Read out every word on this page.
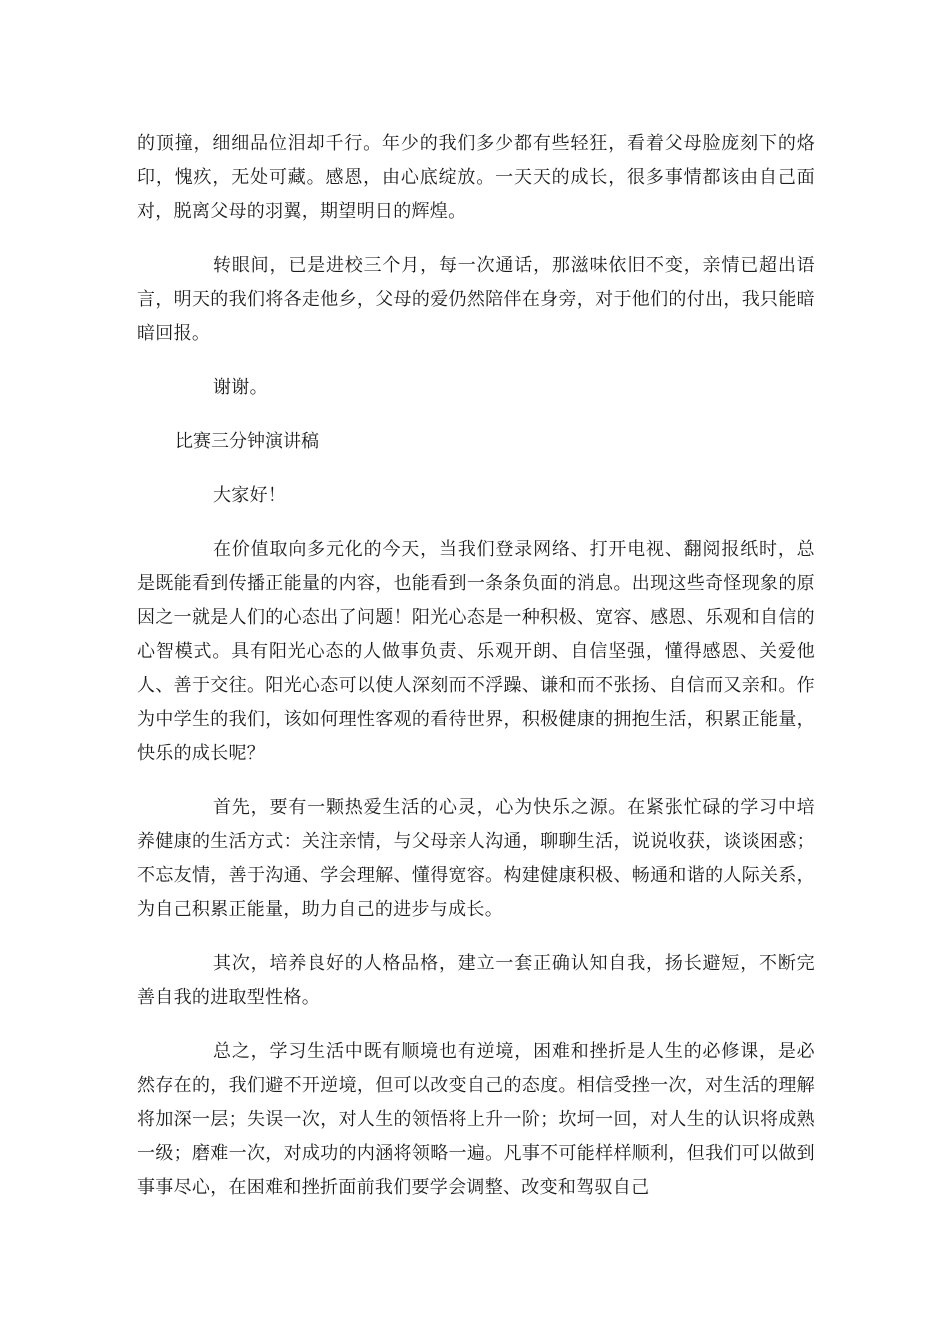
的顶撞，细细品位泪却千行。年少的我们多少都有些轻狂，看着父母脸庞刻下的烙印，愧疚，无处可藏。感恩，由心底绽放。一天天的成长，很多事情都该由自己面对，脱离父母的羽翼，期望明日的辉煌。

转眼间，已是进校三个月，每一次通话，那滋味依旧不变，亲情已超出语言，明天的我们将各走他乡，父母的爱仍然陪伴在身旁，对于他们的付出，我只能暗暗回报。

谢谢。

比赛三分钟演讲稿

大家好！

在价值取向多元化的今天，当我们登录网络、打开电视、翻阅报纸时，总是既能看到传播正能量的内容，也能看到一条条负面的消息。出现这些奇怪现象的原因之一就是人们的心态出了问题！阳光心态是一种积极、宽容、感恩、乐观和自信的心智模式。具有阳光心态的人做事负责、乐观开朗、自信坚强，懂得感恩、关爱他人、善于交往。阳光心态可以使人深刻而不浮躁、谦和而不张扬、自信而又亲和。作为中学生的我们，该如何理性客观的看待世界，积极健康的拥抱生活，积累正能量，快乐的成长呢？

首先，要有一颗热爱生活的心灵，心为快乐之源。在紧张忙碌的学习中培养健康的生活方式：关注亲情，与父母亲人沟通，聊聊生活，说说收获，谈谈困惑；不忘友情，善于沟通、学会理解、懂得宽容。构建健康积极、畅通和谐的人际关系，为自己积累正能量，助力自己的进步与成长。

其次，培养良好的人格品格，建立一套正确认知自我，扬长避短，不断完善自我的进取型性格。

总之，学习生活中既有顺境也有逆境，困难和挫折是人生的必修课，是必然存在的，我们避不开逆境，但可以改变自己的态度。相信受挫一次，对生活的理解将加深一层；失误一次，对人生的领悟将上升一阶；坎坷一回，对人生的认识将成熟一级；磨难一次，对成功的内涵将领略一遍。凡事不可能样样顺利，但我们可以做到事事尽心，在困难和挫折面前我们要学会调整、改变和驾驭自己
